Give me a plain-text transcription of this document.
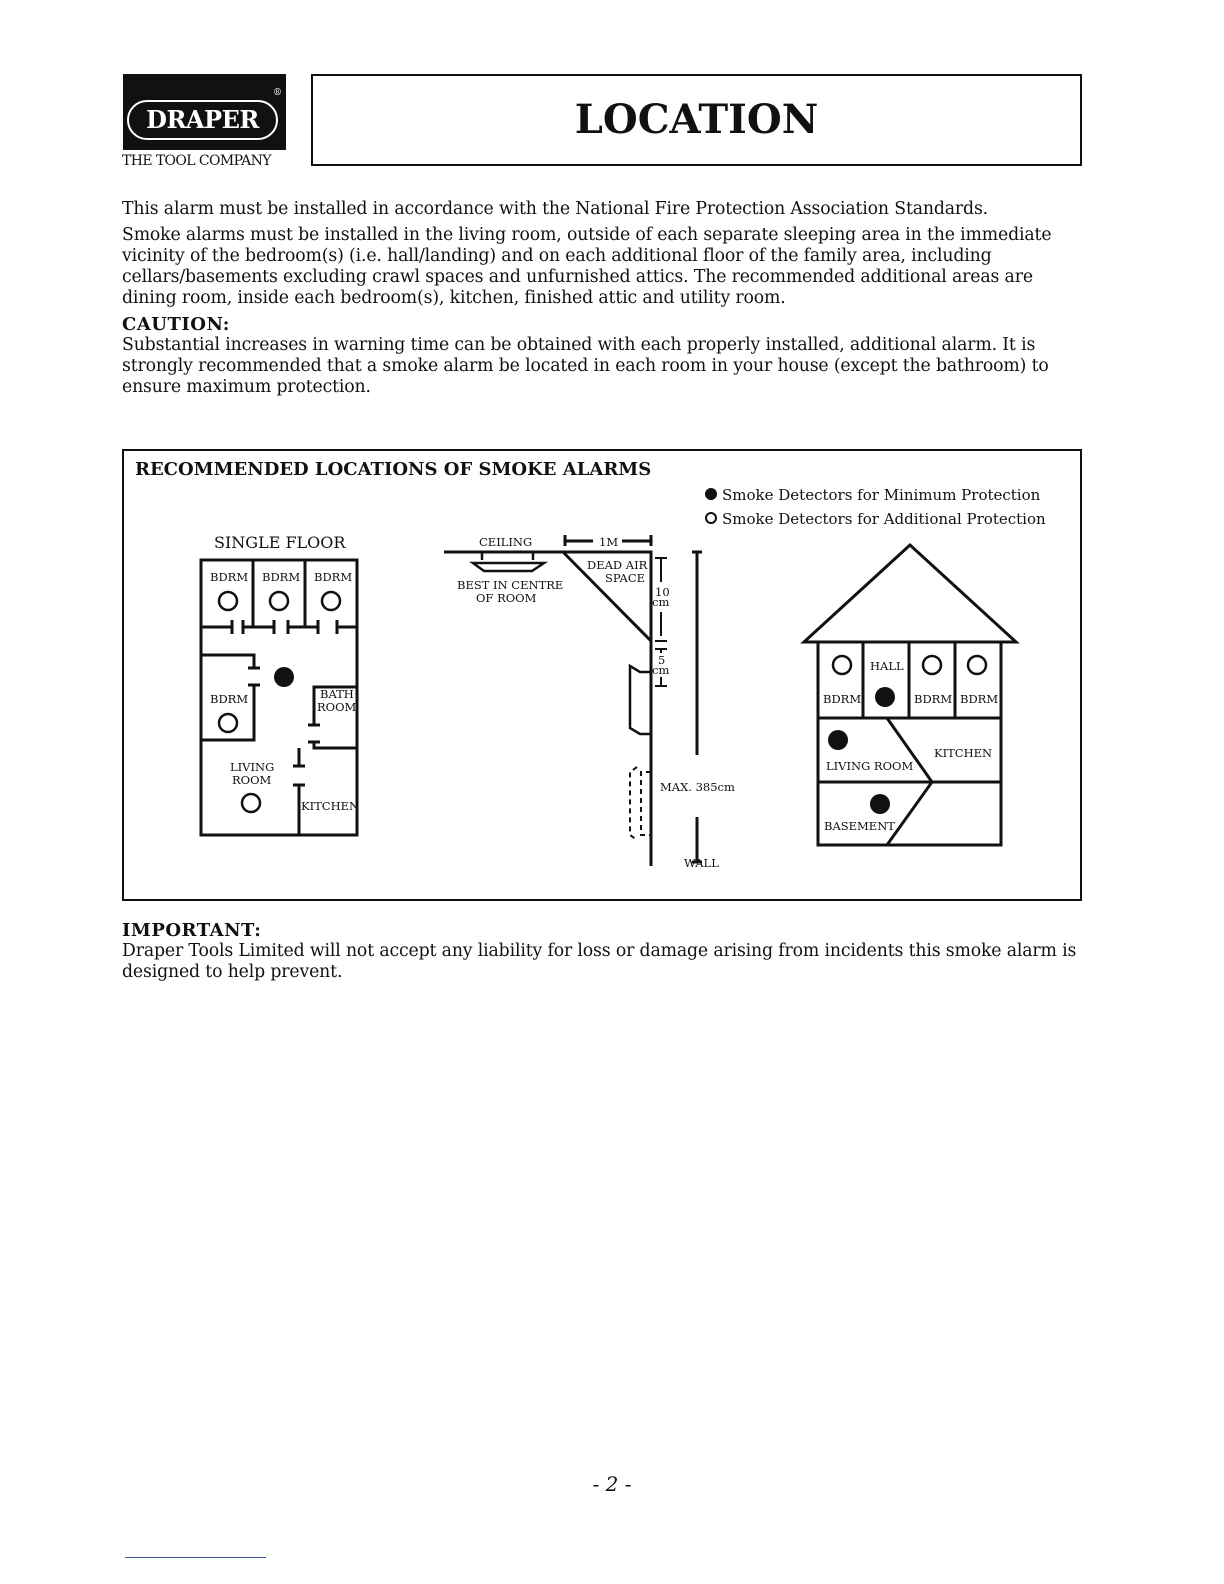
DRAPER
®
THE TOOL COMPANY
LOCATION

This alarm must be installed in accordance with the National Fire Protection Association Standards.

Smoke alarms must be installed in the living room, outside of each separate sleeping area in the immediate vicinity of the bedroom(s) (i.e. hall/landing) and on each additional floor of the family area, including cellars/basements excluding crawl spaces and unfurnished attics. The recommended additional areas are dining room, inside each bedroom(s), kitchen, finished attic and utility room.

CAUTION:

Substantial increases in warning time can be obtained with each properly installed, additional alarm. It is strongly recommended that a smoke alarm be located in each room in your house (except the bathroom) to ensure maximum protection.

RECOMMENDED LOCATIONS OF SMOKE ALARMS
Smoke Detectors for Minimum Protection
Smoke Detectors for Additional Protection
SINGLE FLOOR
BDRM BDRM BDRM
BDRM	BATH
ROOM
LIVING
ROOM
KITCHEN
CEILING	1M
DEAD AIR
SPACE
BEST IN CENTRE
OF ROOM	10
cm
5
cm
MAX. 385cm
WALL
HALL
BDRM	BDRM BDRM
KITCHEN
LIVING ROOM
BASEMENT
IMPORTANT:

Draper Tools Limited will not accept any liability for loss or damage arising from incidents this smoke alarm is designed to help prevent.

- 2 -
